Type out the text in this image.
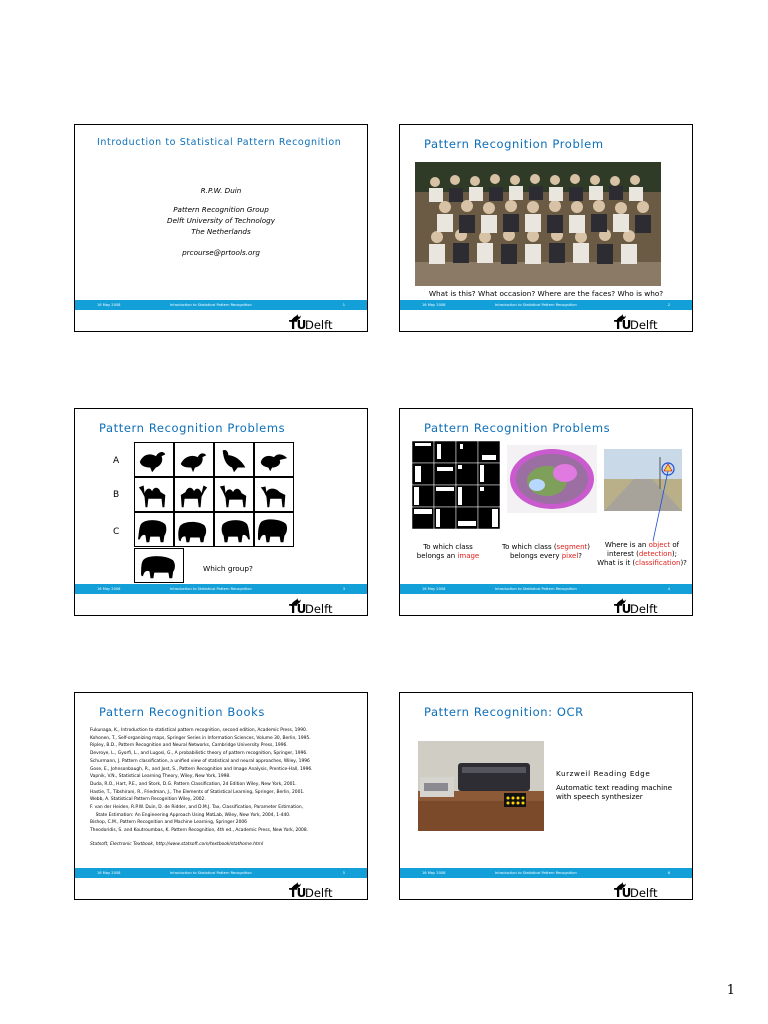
Introduction to Statistical Pattern Recognition
R.P.W. Duin
Pattern Recognition Group
Delft University of Technology
The Netherlands
prcourse@prtools.org
16 May 2008	Introduction to Statistical Pattern Recognition	1
TU Delft
Pattern Recognition Problem
What is this? What occasion? Where are the faces? Who is who?
16 May 2008	Introduction to Statistical Pattern Recognition	2
TU Delft
Pattern Recognition Problems
A
B
C
Which group?
16 May 2008	Introduction to Statistical Pattern Recognition	3
TU Delft
Pattern Recognition Problems
To which class
belongs an image
To which class (segment)
belongs every pixel?
Where is an object of
interest (detection);
What is it (classification)?
16 May 2008	Introduction to Statistical Pattern Recognition	4
TU Delft
Pattern Recognition Books
Fukunaga, K., Introduction to statistical pattern recognition, second edition, Academic Press, 1990.
Kohonen, T., Self-organizing maps, Springer Series in Information Sciences, Volume 30, Berlin, 1995.
Ripley, B.D., Pattern Recognition and Neural Networks, Cambridge University Press, 1996.
Devroye, L., Gyorfi, L., and Lugosi, G., A probabilistic theory of pattern recognition, Springer, 1996.
Schurmann, J. Pattern classification, a unified view of statistical and neural approaches, Wiley, 1996
Gose, E., Johnsonbaugh, R., and Jost, S., Pattern Recognition and Image Analysis, Prentice-Hall, 1996.
Vapnik, V.N., Statistical Learning Theory, Wiley, New York, 1998.
Duda, R.O., Hart, P.E., and Stork, D.G. Pattern Classification, 2d Edition Wiley, New York, 2001.
Hastie, T., Tibshirani, R., Friedman, J., The Elements of Statistical Learning, Springer, Berlin, 2001.
Webb, A. Statistical Pattern Recognition Wiley, 2002.
F. van der Heiden, R.P.W. Duin, D. de Ridder, and D.M.J. Tax, Classification, Parameter Estimation,
State Estimation: An Engineering Approach Using MatLab, Wiley, New York, 2004, 1-440.
Bishop, C.M., Pattern Recognition and Machine Learning, Springer 2006
Theodoridis, S. and Koutroumbas, K. Pattern Recognition, 4th ed., Academic Press, New York, 2008.
Statsoft, Electronic Textbook, http://www.statsoft.com/textbook/stathome.html
16 May 2008	Introduction to Statistical Pattern Recognition	5
TU Delft
Pattern Recognition: OCR
Kurzweil Reading Edge
Automatic text reading machine
with speech synthesizer
16 May 2008	Introduction to Statistical Pattern Recognition	6
TU Delft
1
